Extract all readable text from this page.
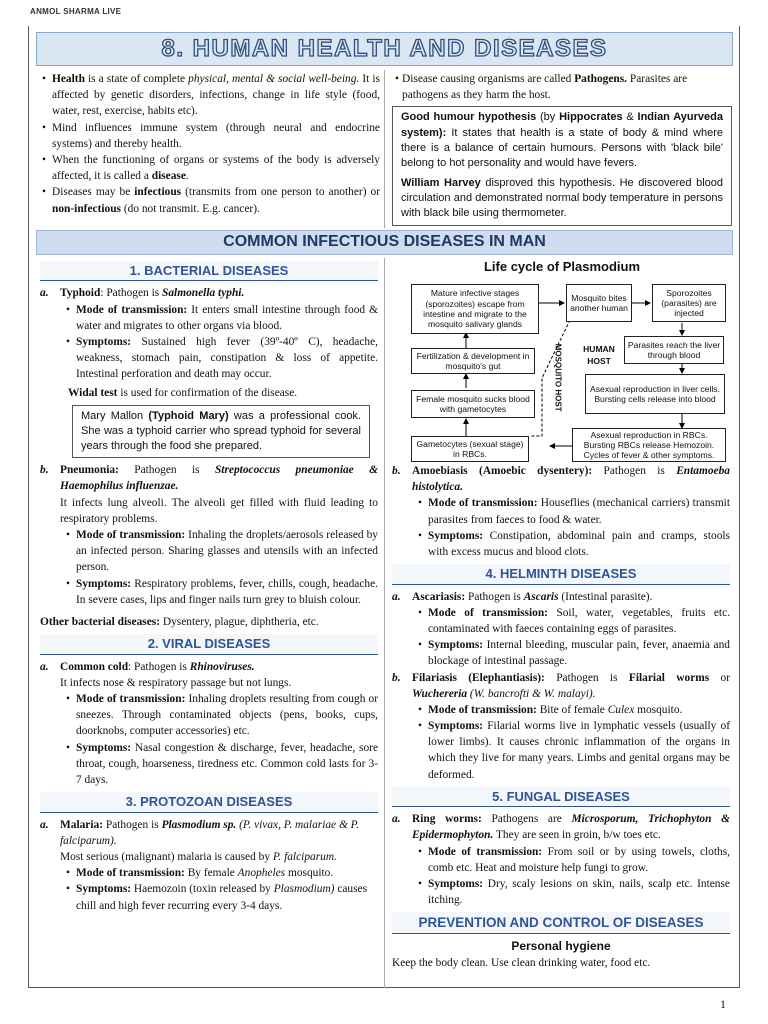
ANMOL SHARMA LIVE
8. HUMAN HEALTH AND DISEASES
• Health is a state of complete physical, mental & social well-being. It is affected by genetic disorders, infections, change in life style (food, water, rest, exercise, habits etc).
• Mind influences immune system (through neural and endocrine systems) and thereby health.
• When the functioning of organs or systems of the body is adversely affected, it is called a disease.
• Diseases may be infectious (transmits from one person to another) or non-infectious (do not transmit. E.g. cancer).
• Disease causing organisms are called Pathogens. Parasites are pathogens as they harm the host.
Good humour hypothesis (by Hippocrates & Indian Ayurveda system): It states that health is a state of body & mind where there is a balance of certain humours. Persons with 'black bile' belong to hot personality and would have fevers.
William Harvey disproved this hypothesis. He discovered blood circulation and demonstrated normal body temperature in persons with black bile using thermometer.
COMMON INFECTIOUS DISEASES IN MAN
1. BACTERIAL DISEASES
a.	Typhoid: Pathogen is Salmonella typhi.
• Mode of transmission: It enters small intestine through food & water and migrates to other organs via blood.
• Symptoms: Sustained high fever (39º-40º C), headache, weakness, stomach pain, constipation & loss of appetite. Intestinal perforation and death may occur.
Widal test is used for confirmation of the disease.
Mary Mallon (Typhoid Mary) was a professional cook. She was a typhoid carrier who spread typhoid for several years through the food she prepared.
b.	Pneumonia: Pathogen is Streptococcus pneumoniae & Haemophilus influenzae.
It infects lung alveoli. The alveoli get filled with fluid leading to respiratory problems.
• Mode of transmission: Inhaling the droplets/aerosols released by an infected person. Sharing glasses and utensils with an infected person.
• Symptoms: Respiratory problems, fever, chills, cough, headache. In severe cases, lips and finger nails turn grey to bluish colour.
Other bacterial diseases: Dysentery, plague, diphtheria, etc.
2. VIRAL DISEASES
a.	Common cold: Pathogen is Rhinoviruses.
It infects nose & respiratory passage but not lungs.
• Mode of transmission: Inhaling droplets resulting from cough or sneezes. Through contaminated objects (pens, books, cups, doorknobs, computer accessories) etc.
• Symptoms: Nasal congestion & discharge, fever, headache, sore throat, cough, hoarseness, tiredness etc. Common cold lasts for 3-7 days.
3. PROTOZOAN DISEASES
a.	Malaria: Pathogen is Plasmodium sp. (P. vivax, P. malariae & P. falciparum).
Most serious (malignant) malaria is caused by P. falciparum.
• Mode of transmission: By female Anopheles mosquito.
• Symptoms: Haemozoin (toxin released by Plasmodium) causes chill and high fever recurring every 3-4 days.
Life cycle of Plasmodium
Mature infective stages (sporozoites) escape from intestine and migrate to the mosquito salivary glands
Mosquito bites another human
Sporozoites (parasites) are injected
Parasites reach the liver through blood
Fertilization & development in mosquito's gut
Asexual reproduction in liver cells. Bursting cells release into blood
Female mosquito sucks blood with gametocytes
Gametocytes (sexual stage) in RBCs.
Asexual reproduction in RBCs. Bursting RBCs release Hemozoin. Cycles of fever & other symptoms.
MOSQUITO HOST	HUMAN HOST
b.	Amoebiasis (Amoebic dysentery): Pathogen is Entamoeba histolytica.
• Mode of transmission: Houseflies (mechanical carriers) transmit parasites from faeces to food & water.
• Symptoms: Constipation, abdominal pain and cramps, stools with excess mucus and blood clots.
4. HELMINTH DISEASES
a.	Ascariasis: Pathogen is Ascaris (Intestinal parasite).
• Mode of transmission: Soil, water, vegetables, fruits etc. contaminated with faeces containing eggs of parasites.
• Symptoms: Internal bleeding, muscular pain, fever, anaemia and blockage of intestinal passage.
b.	Filariasis (Elephantiasis): Pathogen is Filarial worms or Wuchereria (W. bancrofti & W. malayi).
• Mode of transmission: Bite of female Culex mosquito.
• Symptoms: Filarial worms live in lymphatic vessels (usually of lower limbs). It causes chronic inflammation of the organs in which they live for many years. Limbs and genital organs may be deformed.
5. FUNGAL DISEASES
a.	Ring worms: Pathogens are Microsporum, Trichophyton & Epidermophyton. They are seen in groin, b/w toes etc.
• Mode of transmission: From soil or by using towels, cloths, comb etc. Heat and moisture help fungi to grow.
• Symptoms: Dry, scaly lesions on skin, nails, scalp etc. Intense itching.
PREVENTION AND CONTROL OF DISEASES
Personal hygiene
Keep the body clean. Use clean drinking water, food etc.
1
